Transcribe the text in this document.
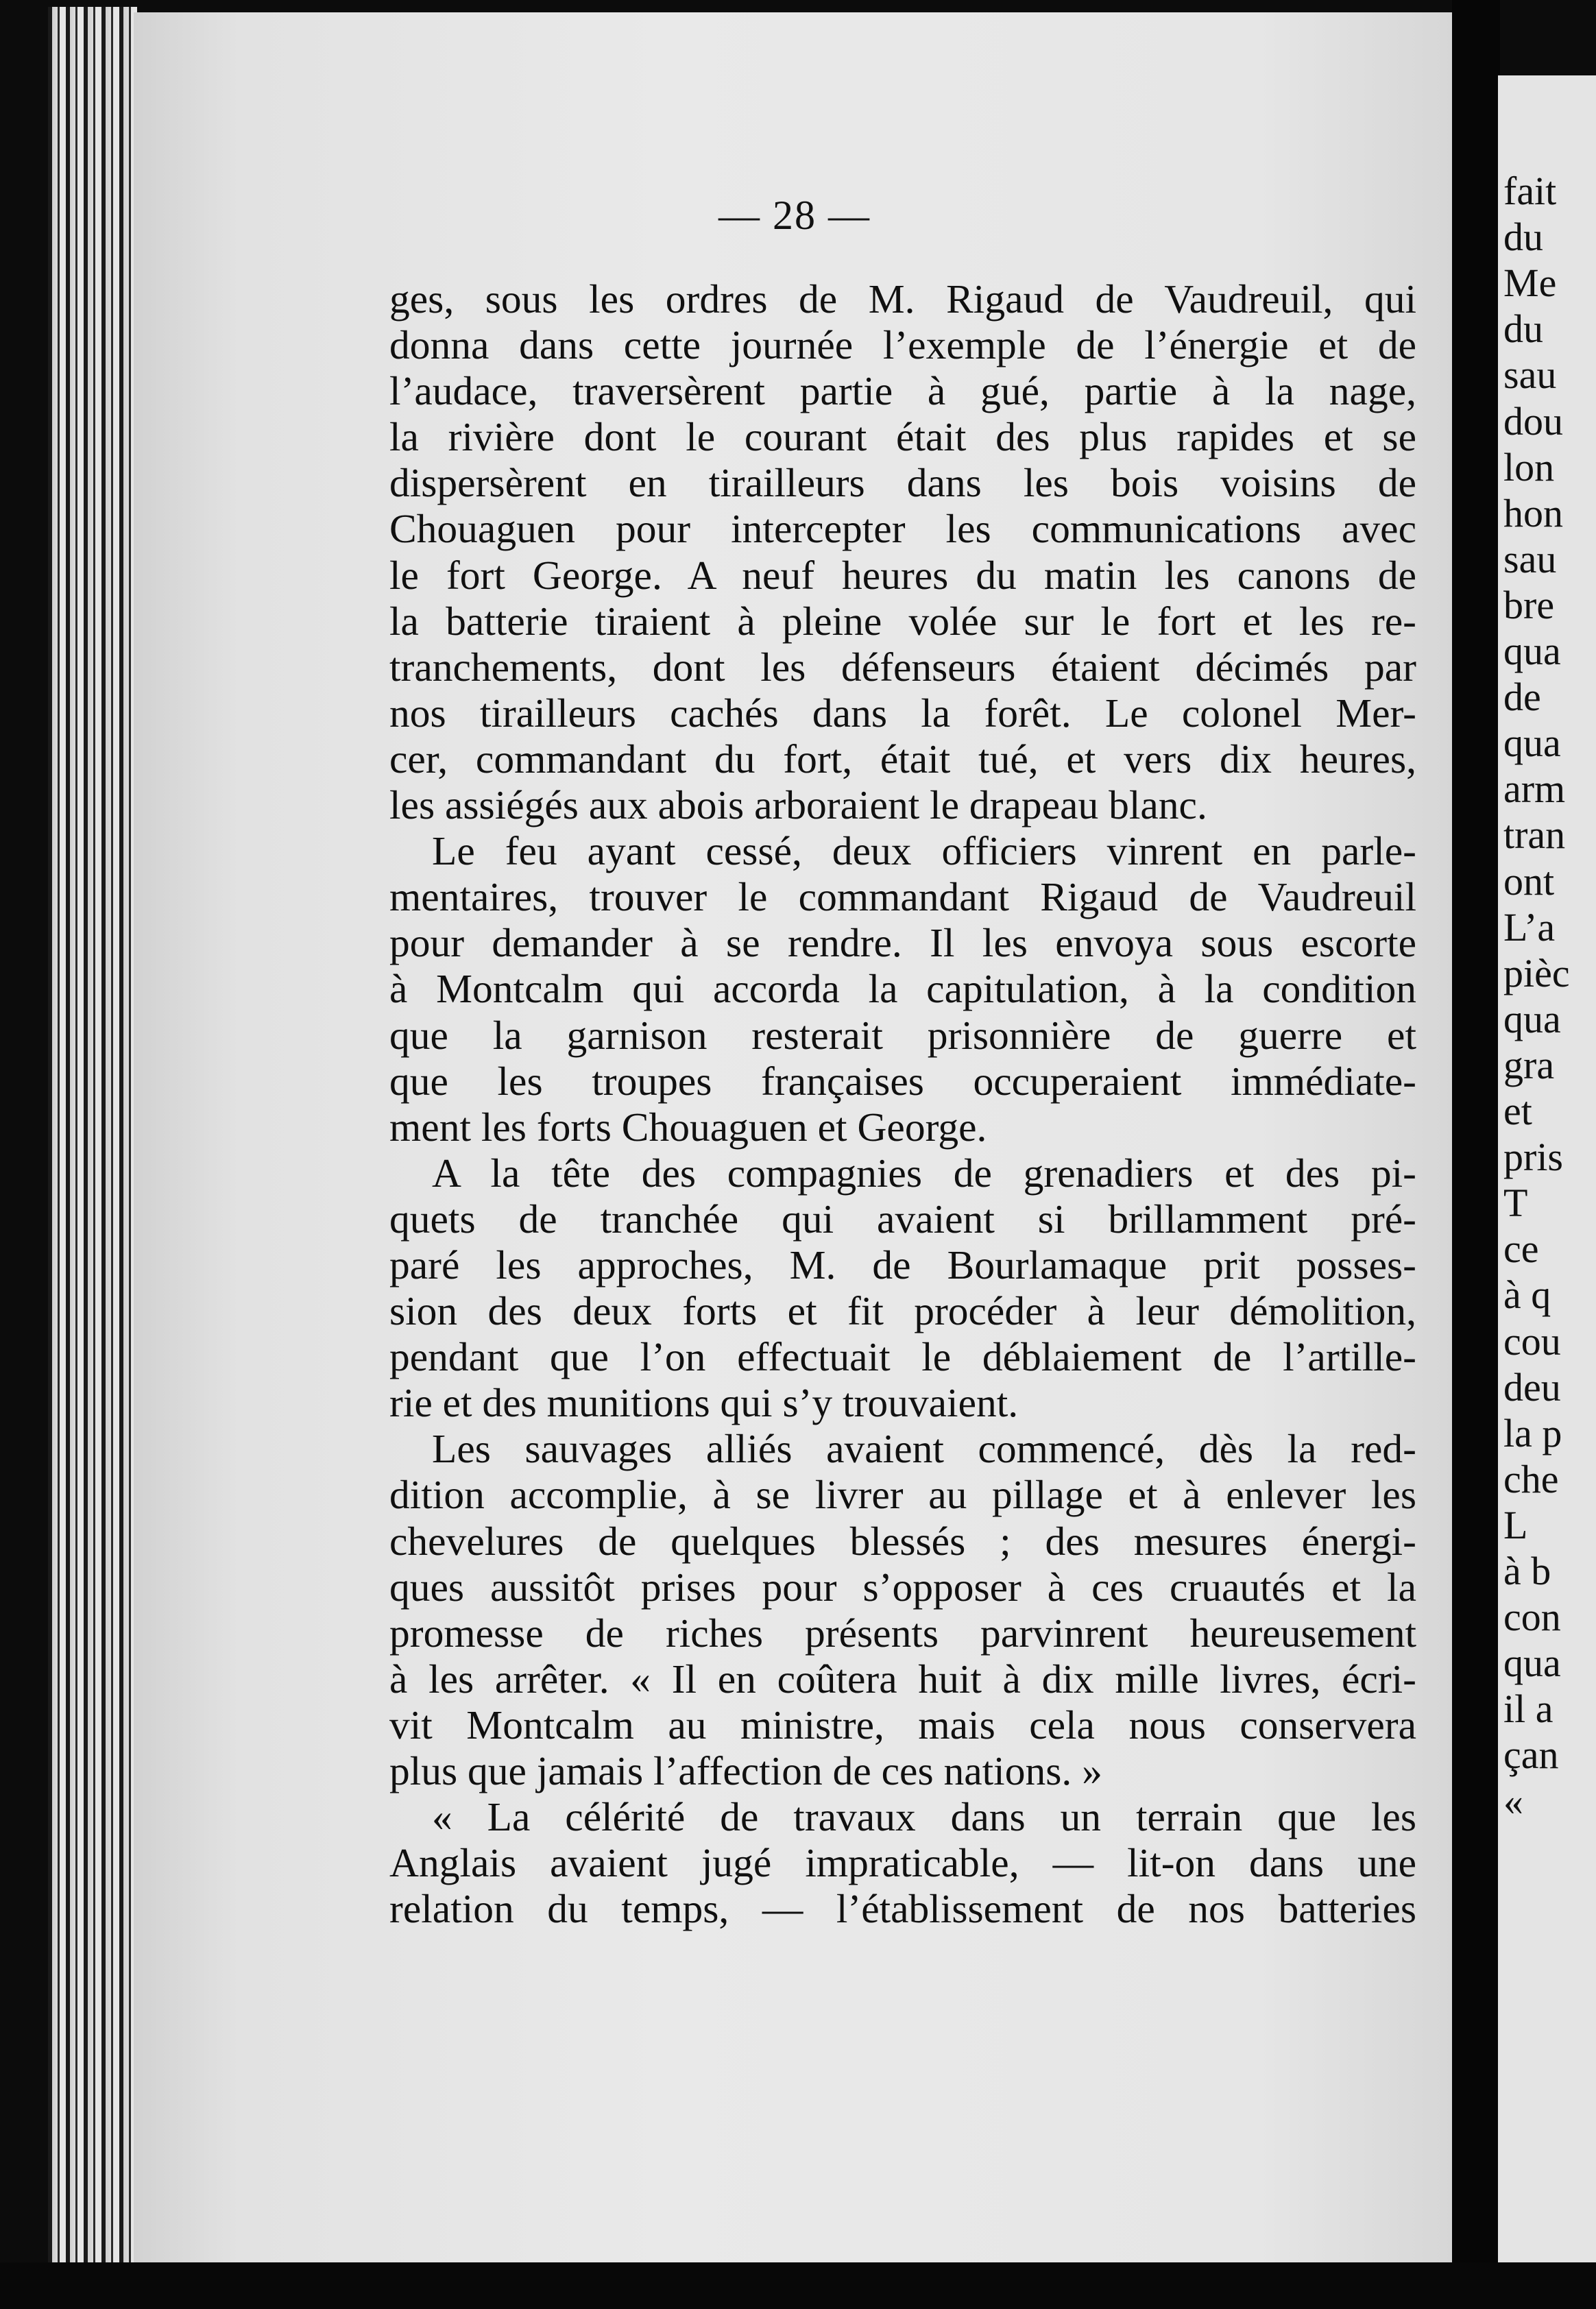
fait
du
Me
du
sau
dou
lon
hon
sau
bre
qua
de
qua
arm
tran
ont
L’a
pièc
qua
gra
et
pris
T
ce
à q
cou
deu
la p
che
L
à b
con
qua
il a
çan
«
— 28 —
ges, sous les ordres de M. Rigaud de Vaudreuil, qui
donna dans cette journée l’exemple de l’énergie et de
l’audace, traversèrent partie à gué, partie à la nage,
la rivière dont le courant était des plus rapides et se
dispersèrent en tirailleurs dans les bois voisins de
Chouaguen pour intercepter les communications avec
le fort George. A neuf heures du matin les canons de
la batterie tiraient à pleine volée sur le fort et les re-
tranchements, dont les défenseurs étaient décimés par
nos tirailleurs cachés dans la forêt. Le colonel Mer-
cer, commandant du fort, était tué, et vers dix heures,
les assiégés aux abois arboraient le drapeau blanc.
Le feu ayant cessé, deux officiers vinrent en parle-
mentaires, trouver le commandant Rigaud de Vaudreuil
pour demander à se rendre. Il les envoya sous escorte
à Montcalm qui accorda la capitulation, à la condition
que la garnison resterait prisonnière de guerre et
que les troupes françaises occuperaient immédiate-
ment les forts Chouaguen et George.
A la tête des compagnies de grenadiers et des pi-
quets de tranchée qui avaient si brillamment pré-
paré les approches, M. de Bourlamaque prit posses-
sion des deux forts et fit procéder à leur démolition,
pendant que l’on effectuait le déblaiement de l’artille-
rie et des munitions qui s’y trouvaient.
Les sauvages alliés avaient commencé, dès la red-
dition accomplie, à se livrer au pillage et à enlever les
chevelures de quelques blessés ; des mesures énergi-
ques aussitôt prises pour s’opposer à ces cruautés et la
promesse de riches présents parvinrent heureusement
à les arrêter. « Il en coûtera huit à dix mille livres, écri-
vit Montcalm au ministre, mais cela nous conservera
plus que jamais l’affection de ces nations. »
« La célérité de travaux dans un terrain que les
Anglais avaient jugé impraticable, — lit-on dans une
relation du temps, — l’établissement de nos batteries
